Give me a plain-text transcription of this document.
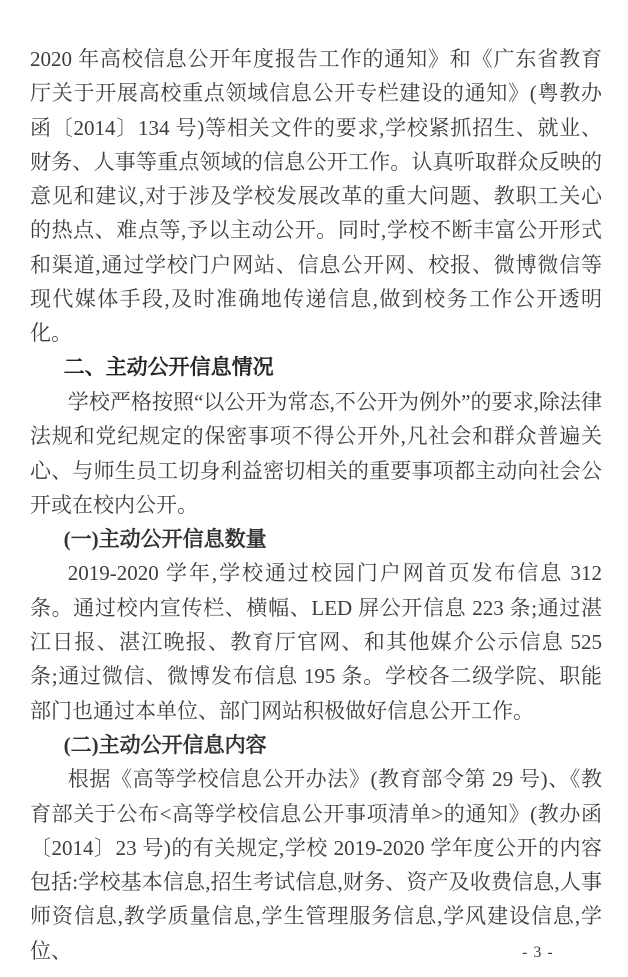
2020 年高校信息公开年度报告工作的通知》和《广东省教育厅关于开展高校重点领域信息公开专栏建设的通知》(粤教办函〔2014〕134 号)等相关文件的要求,学校紧抓招生、就业、财务、人事等重点领域的信息公开工作。认真听取群众反映的意见和建议,对于涉及学校发展改革的重大问题、教职工关心的热点、难点等,予以主动公开。同时,学校不断丰富公开形式和渠道,通过学校门户网站、信息公开网、校报、微博微信等现代媒体手段,及时准确地传递信息,做到校务工作公开透明化。

二、主动公开信息情况

学校严格按照“以公开为常态,不公开为例外”的要求,除法律法规和党纪规定的保密事项不得公开外,凡社会和群众普遍关心、与师生员工切身利益密切相关的重要事项都主动向社会公开或在校内公开。

(一)主动公开信息数量

2019-2020 学年,学校通过校园门户网首页发布信息 312 条。通过校内宣传栏、横幅、LED 屏公开信息 223 条;通过湛江日报、湛江晚报、教育厅官网、和其他媒介公示信息 525 条;通过微信、微博发布信息 195 条。学校各二级学院、职能部门也通过本单位、部门网站积极做好信息公开工作。

(二)主动公开信息内容

根据《高等学校信息公开办法》(教育部令第 29 号)、《教育部关于公布<高等学校信息公开事项清单>的通知》(教办函〔2014〕23 号)的有关规定,学校 2019-2020 学年度公开的内容包括:学校基本信息,招生考试信息,财务、资产及收费信息,人事师资信息,教学质量信息,学生管理服务信息,学风建设信息,学位、	- 3 -
